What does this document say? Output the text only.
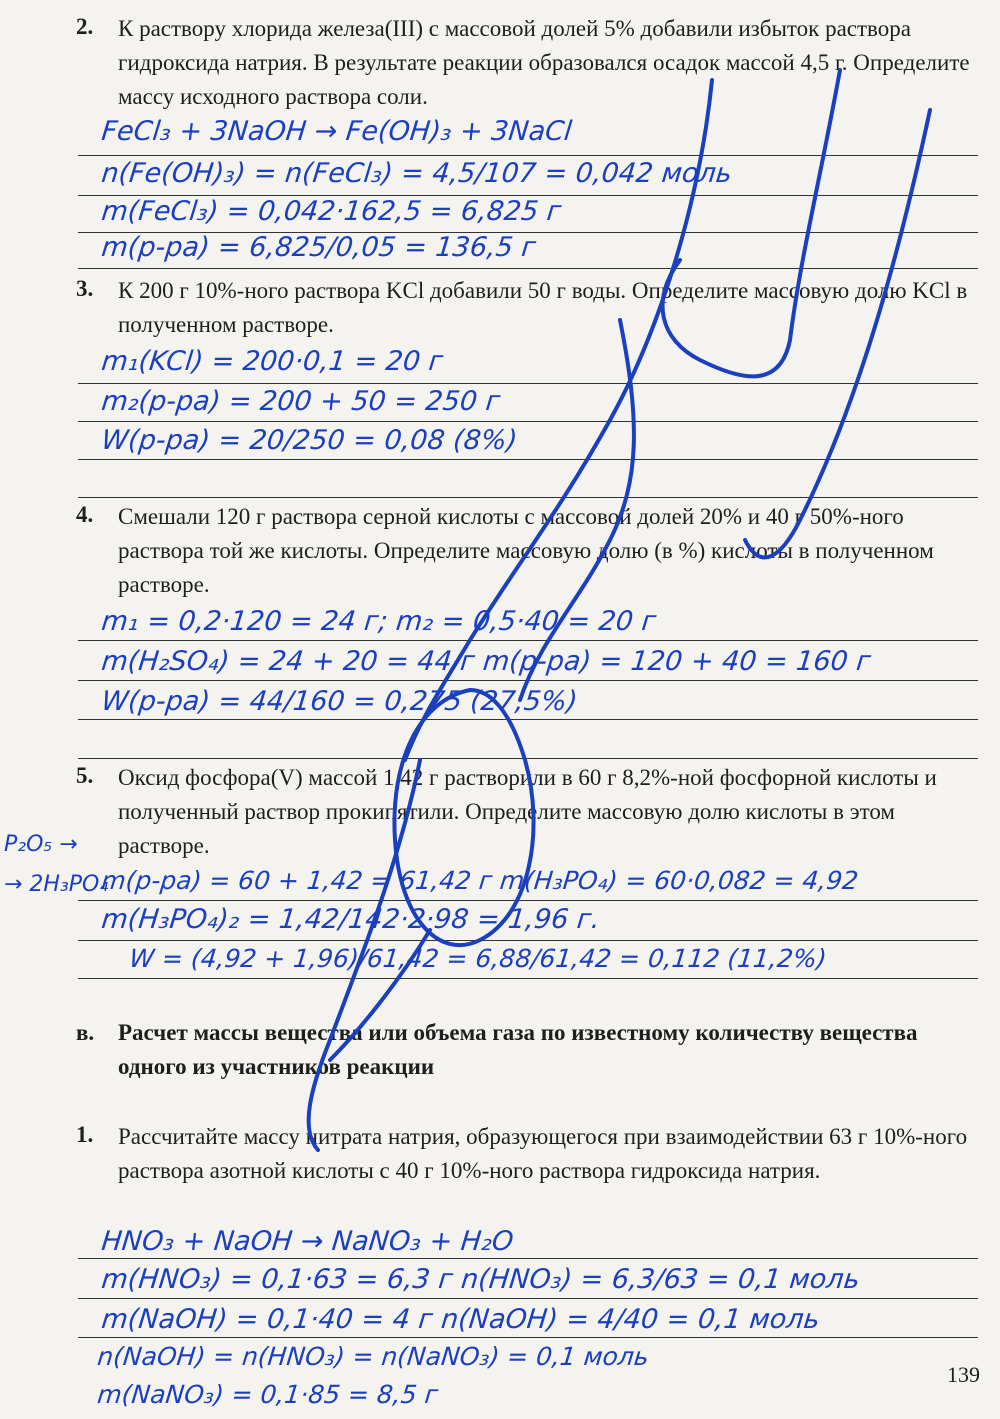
2. К раствору хлорида железа(III) с массовой долей 5% добавили избыток раствора гидроксида натрия. В результате реакции образовался осадок массой 4,5 г. Определите массу исходного раствора соли.
FeCl₃ + 3NaOH → Fe(OH)₃ + 3NaCl
n(Fe(OH)₃) = n(FeCl₃) = 4,5/107 = 0,042 моль
m(FeCl₃) = 0,042·162,5 = 6,825 г
m(р-ра) = 6,825/0,05 = 136,5 г
3. К 200 г 10%-ного раствора KCl добавили 50 г воды. Определите массовую долю KCl в полученном растворе.
m₁(KCl) = 200·0,1 = 20 г
m₂(р-ра) = 200 + 50 = 250 г
W(р-ра) = 20/250 = 0,08 (8%)
4. Смешали 120 г раствора серной кислоты с массовой долей 20% и 40 г 50%-ного раствора той же кислоты. Определите массовую долю (в %) кислоты в полученном растворе.
m₁ = 0,2·120 = 24 г; m₂ = 0,5·40 = 20 г
m(H₂SO₄) = 24 + 20 = 44 г m(р-ра) = 120 + 40 = 160 г
W(р-ра) = 44/160 = 0,275 (27,5%)
5. Оксид фосфора(V) массой 1,42 г растворили в 60 г 8,2%-ной фосфорной кислоты и полученный раствор прокипятили. Определите массовую долю кислоты в этом растворе.
P₂O₅ →
→ 2H₃PO₄
m(р-ра) = 60 + 1,42 = 61,42 г m(H₃PO₄) = 60·0,082 = 4,92
m(H₃PO₄)₂ = 1,42/142·2·98 = 1,96 г.
W = (4,92 + 1,96)/61,42 = 6,88/61,42 = 0,112 (11,2%)
в. Расчет массы вещества или объема газа по известному количеству вещества одного из участников реакции
1. Рассчитайте массу нитрата натрия, образующегося при взаимодействии 63 г 10%-ного раствора азотной кислоты с 40 г 10%-ного раствора гидроксида натрия.
HNO₃ + NaOH → NaNO₃ + H₂O
m(HNO₃) = 0,1·63 = 6,3 г n(HNO₃) = 6,3/63 = 0,1 моль
m(NaOH) = 0,1·40 = 4 г n(NaOH) = 4/40 = 0,1 моль
n(NaOH) = n(HNO₃) = n(NaNO₃) = 0,1 моль
m(NaNO₃) = 0,1·85 = 8,5 г
139
